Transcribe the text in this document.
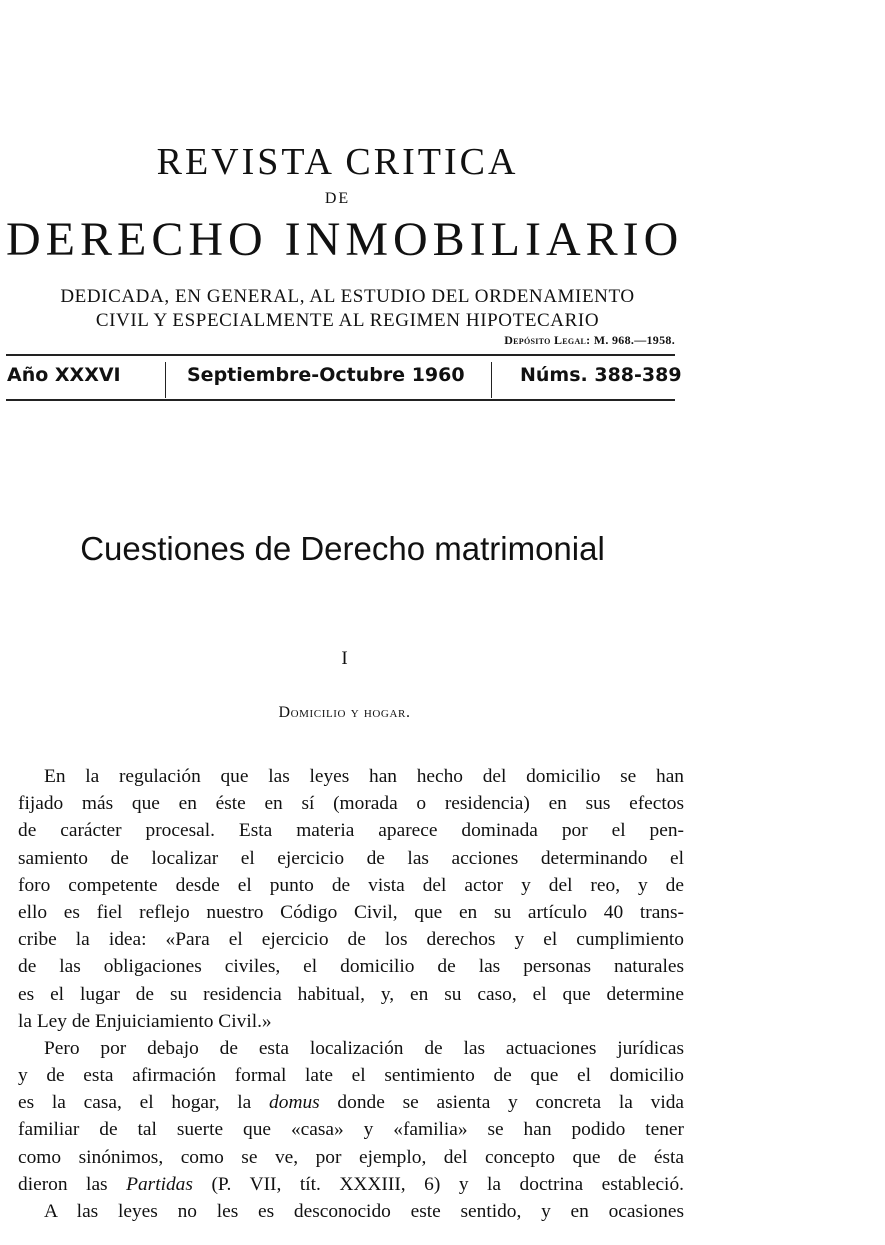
REVISTA CRITICA
DE
DERECHO INMOBILIARIO
DEDICADA, EN GENERAL, AL ESTUDIO DEL ORDENAMIENTO
CIVIL Y ESPECIALMENTE AL REGIMEN HIPOTECARIO
Depósito Legal: M. 968.—1958.
Año XXXVI	Septiembre-Octubre 1960	Núms. 388-389
Cuestiones de Derecho matrimonial
I
Domicilio y hogar.
En la regulación que las leyes han hecho del domicilio se han
fijado más que en éste en sí (morada o residencia) en sus efectos
de carácter procesal. Esta materia aparece dominada por el pen-
samiento de localizar el ejercicio de las acciones determinando el
foro competente desde el punto de vista del actor y del reo, y de
ello es fiel reflejo nuestro Código Civil, que en su artículo 40 trans-
cribe la idea: «Para el ejercicio de los derechos y el cumplimiento
de las obligaciones civiles, el domicilio de las personas naturales
es el lugar de su residencia habitual, y, en su caso, el que determine
la Ley de Enjuiciamiento Civil.»
Pero por debajo de esta localización de las actuaciones jurídicas
y de esta afirmación formal late el sentimiento de que el domicilio
es la casa, el hogar, la domus donde se asienta y concreta la vida
familiar de tal suerte que «casa» y «familia» se han podido tener
como sinónimos, como se ve, por ejemplo, del concepto que de ésta
dieron las Partidas (P. VII, tít. XXXIII, 6) y la doctrina estableció.
A las leyes no les es desconocido este sentido, y en ocasiones
